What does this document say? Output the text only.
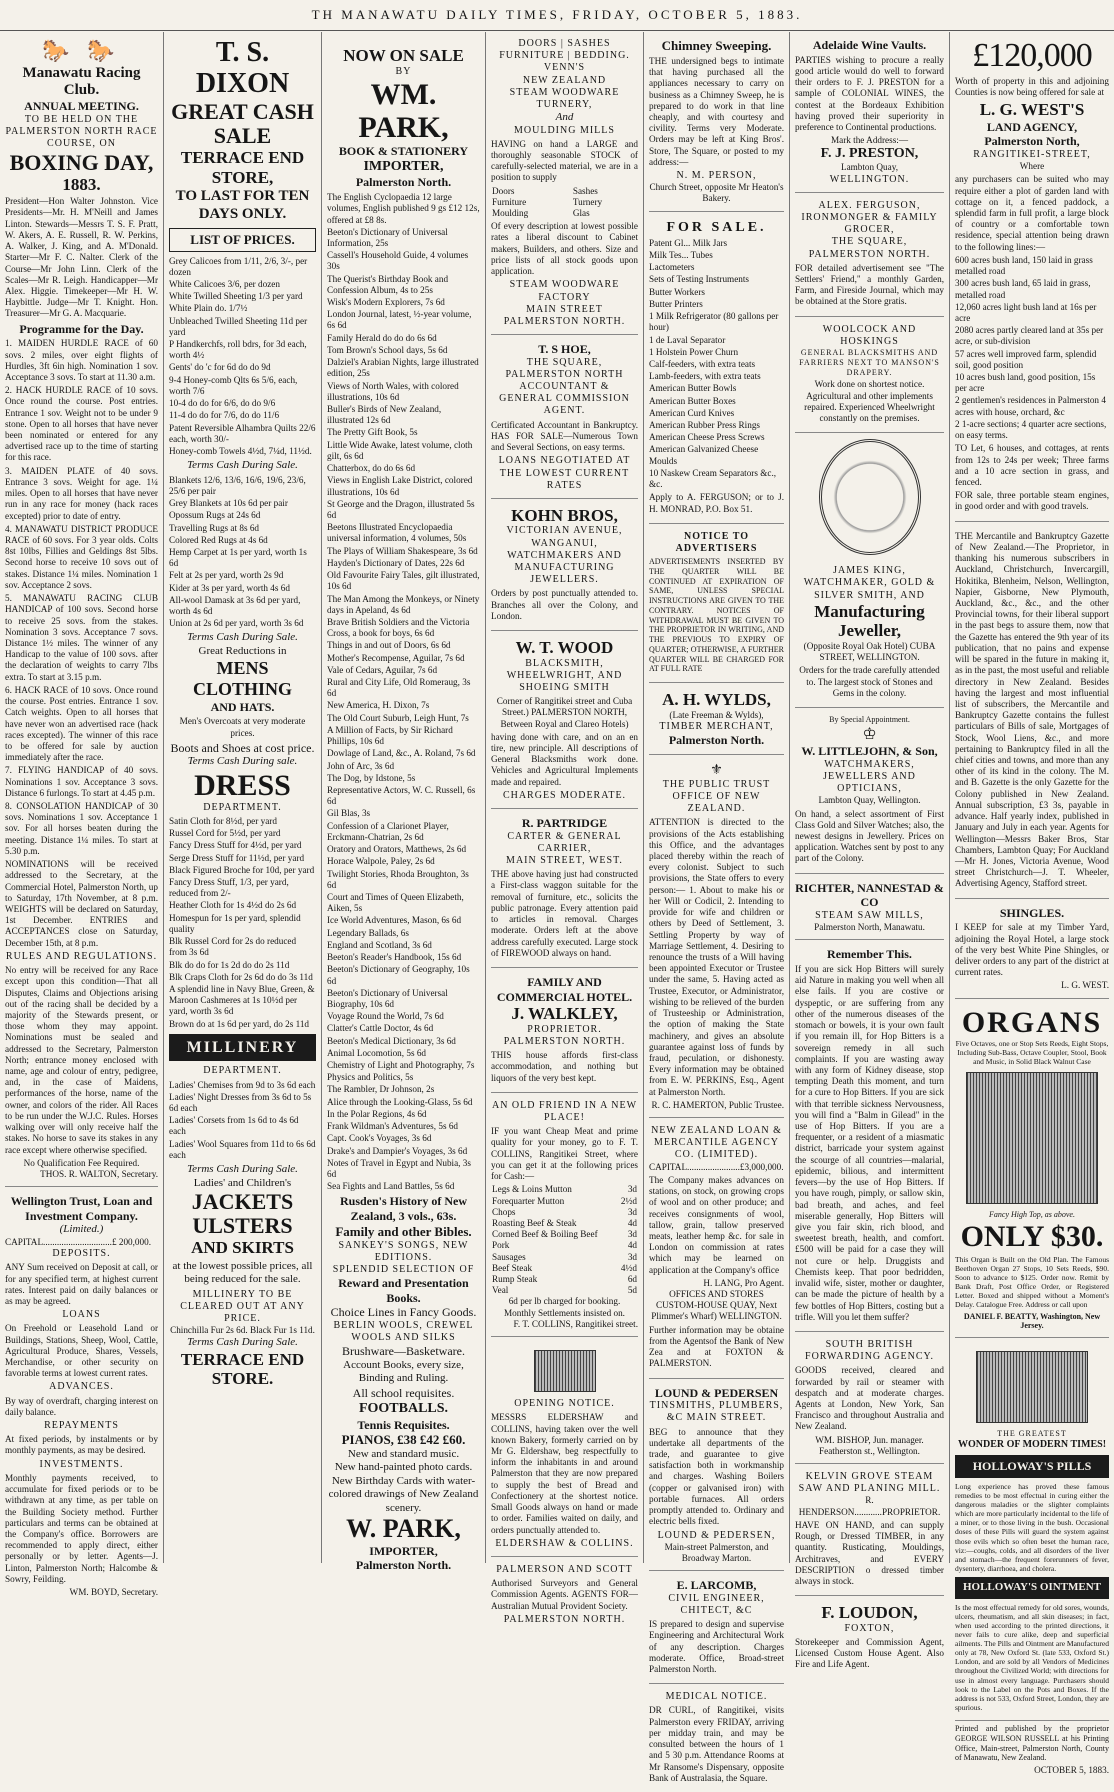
TH MANAWATU DAILY TIMES, FRIDAY, OCTOBER 5, 1883.
🐎 🐎
Manawatu Racing Club.
ANNUAL MEETING.
TO BE HELD ON THE PALMERSTON NORTH RACE COURSE, ON
BOXING DAY,
1883.

President—Hon Walter Johnston. Vice Presidents—Mr. H. M'Neill and James Linton. Stewards—Messrs T. S. F. Pratt, W. Akers, A. E. Russell, R. W. Perkins, A. Walker, J. King, and A. M'Donald. Starter—Mr F. C. Nalter. Clerk of the Course—Mr John Linn. Clerk of the Scales—Mr R. Leigh. Handicapper—Mr Alex. Higgie. Timekeeper—Mr H. W. Haybittle. Judge—Mr T. Knight. Hon. Treasurer—Mr G. A. Macquarie.

Programme for the Day.

1. MAIDEN HURDLE RACE of 60 sovs. 2 miles, over eight flights of Hurdles, 3ft 6in high. Nomination 1 sov. Acceptance 3 sovs. To start at 11.30 a.m.

2. HACK HURDLE RACE of 10 sovs. Once round the course. Post entries. Entrance 1 sov. Weight not to be under 9 stone. Open to all horses that have never been nominated or entered for any advertised race up to the time of starting for this race.

3. MAIDEN PLATE of 40 sovs. Entrance 3 sovs. Weight for age. 1¼ miles. Open to all horses that have never run in any race for money (hack races excepted) prior to date of entry.

4. MANAWATU DISTRICT PRODUCE RACE of 60 sovs. For 3 year olds. Colts 8st 10lbs, Fillies and Geldings 8st 5lbs. Second horse to receive 10 sovs out of stakes. Distance 1¼ miles. Nomination 1 sov. Acceptance 2 sovs.

5. MANAWATU RACING CLUB HANDICAP of 100 sovs. Second horse to receive 25 sovs. from the stakes. Nomination 3 sovs. Acceptance 7 sovs. Distance 1½ miles. The winner of any Handicap to the value of 100 sovs. after the declaration of weights to carry 7lbs extra. To start at 3.15 p.m.

6. HACK RACE of 10 sovs. Once round the course. Post entries. Entrance 1 sov. Catch weights. Open to all horses that have never won an advertised race (hack races excepted). The winner of this race to be offered for sale by auction immediately after the race.

7. FLYING HANDICAP of 40 sovs. Nominations 1 sov. Acceptance 3 sovs. Distance 6 furlongs. To start at 4.45 p.m.

8. CONSOLATION HANDICAP of 30 sovs. Nominations 1 sov. Acceptance 1 sov. For all horses beaten during the meeting. Distance 1¼ miles. To start at 5.30 p.m.

NOMINATIONS will be received addressed to the Secretary, at the Commercial Hotel, Palmerston North, up to Saturday, 17th November, at 8 p.m. WEIGHTS will be declared on Saturday, 1st December. ENTRIES and ACCEPTANCES close on Saturday, December 15th, at 8 p.m.

RULES AND REGULATIONS.

No entry will be received for any Race except upon this condition—That all Disputes, Claims and Objections arising out of the racing shall be decided by a majority of the Stewards present, or those whom they may appoint. Nominations must be sealed and addressed to the Secretary, Palmerston North; entrance money enclosed with name, age and colour of entry, pedigree, and, in the case of Maidens, performances of the horse, name of the owner, and colors of the rider. All Races to be run under the W.J.C. Rules. Horses walking over will only receive half the stakes. No horse to save its stakes in any race except where otherwise specified.

No Qualification Fee Required.
THOS. R. WALTON, Secretary.
Wellington Trust, Loan and Investment Company.
(Limited.)
CAPITAL..............................£ 200,000.
DEPOSITS.

ANY Sum received on Deposit at call, or for any specified term, at highest current rates. Interest paid on daily balances or as may be agreed.

LOANS

On Freehold or Leasehold Land or Buildings, Stations, Sheep, Wool, Cattle, Agricultural Produce, Shares, Vessels, Merchandise, or other security on favorable terms at lowest current rates.

ADVANCES.

By way of overdraft, charging interest on daily balance.

REPAYMENTS

At fixed periods, by instalments or by monthly payments, as may be desired.

INVESTMENTS.

Monthly payments received, to accumulate for fixed periods or to be withdrawn at any time, as per table on the Building Society method. Further particulars and terms can be obtained at the Company's office. Borrowers are recommended to apply direct, either personally or by letter. Agents—J. Linton, Palmerston North; Halcombe & Sowry, Feilding.

WM. BOYD, Secretary.
T. S. DIXON
GREAT CASH SALE
TERRACE END STORE,
TO LAST FOR TEN DAYS ONLY.
LIST OF PRICES.
Grey Calicoes from 1/11, 2/6, 3/-, per dozen
White Calicoes 3/6, per dozen
White Twilled Sheeting 1/3 per yard
White Plain do. 1/7½
Unbleached Twilled Sheeting 11d per yard
P Handkerchfs, roll bdrs, for 3d each, worth 4½
Gents' do 'c for 6d do do 9d
9-4 Honey-comb Qlts 6s 5/6, each, worth 7/6
10-4 do do for 6/6, do do 9/6
11-4 do do for 7/6, do do 11/6
Patent Reversible Alhambra Quilts 22/6 each, worth 30/-
Honey-comb Towels 4½d, 7¼d, 11½d.
Terms Cash During Sale.
Blankets 12/6, 13/6, 16/6, 19/6, 23/6, 25/6 per pair
Grey Blankets at 10s 6d per pair
Opossum Rugs at 24s 6d
Travelling Rugs at 8s 6d
Colored Red Rugs at 4s 6d
Hemp Carpet at 1s per yard, worth 1s 6d
Felt at 2s per yard, worth 2s 9d
Kider at 3s per yard, worth 4s 6d
All-wool Damask at 3s 6d per yard, worth 4s 6d
Union at 2s 6d per yard, worth 3s 6d
Terms Cash During Sale.
Great Reductions in
MENS CLOTHING
AND HATS.

Men's Overcoats at very moderate prices.

Boots and Shoes at cost price.
Terms Cash During sale.
DRESS
DEPARTMENT.
Satin Cloth for 8½d, per yard
Russel Cord for 5½d, per yard
Fancy Dress Stuff for 4½d, per yard
Serge Dress Stuff for 11½d, per yard
Black Figured Broche for 10d, per yard
Fancy Dress Stuff, 1/3, per yard, reduced from 2/-
Heather Cloth for 1s 4½d do 2s 6d
Homespun for 1s per yard, splendid quality
Blk Russel Cord for 2s do reduced from 3s 6d
Blk do do for 1s 2d do do 2s 11d
Blk Craps Cloth for 2s 6d do do 3s 11d
A splendid line in Navy Blue, Green, & Maroon Cashmeres at 1s 10½d per yard, worth 3s 6d
Brown do at 1s 6d per yard, do 2s 11d
MILLINERY
DEPARTMENT.
Ladies' Chemises from 9d to 3s 6d each
Ladies' Night Dresses from 3s 6d to 5s 6d each
Ladies' Corsets from 1s 6d to 4s 6d each
Ladies' Wool Squares from 11d to 6s 6d each
Terms Cash During Sale.
Ladies' and Children's
JACKETS
ULSTERS
AND SKIRTS

at the lowest possible prices, all being reduced for the sale.

MILLINERY TO BE CLEARED OUT AT ANY PRICE.
Chinchilla Fur 2s 6d. Black Fur 1s 11d.
Terms Cash During Sale.
TERRACE END STORE.
NOW ON SALE
BY
WM. PARK,
BOOK & STATIONERY
IMPORTER,
Palmerston North.
The English Cyclopaedia 12 large volumes, English published 9 gs £12 12s, offered at £8 8s.
Beeton's Dictionary of Universal Information, 25s
Cassell's Household Guide, 4 volumes 30s
The Querist's Birthday Book and Confession Album, 4s to 25s
Wisk's Modern Explorers, 7s 6d
London Journal, latest, ½-year volume, 6s 6d
Family Herald do do do 6s 6d
Tom Brown's School days, 5s 6d
Dalziel's Arabian Nights, large illustrated edition, 25s
Views of North Wales, with colored illustrations, 10s 6d
Buller's Birds of New Zealand, illustrated 12s 6d
The Pretty Gift Book, 5s
Little Wide Awake, latest volume, cloth gilt, 6s 6d
Chatterbox, do do 6s 6d
Views in English Lake District, colored illustrations, 10s 6d
St George and the Dragon, illustrated 5s 6d
Beetons Illustrated Encyclopaedia universal information, 4 volumes, 50s
The Plays of William Shakespeare, 3s 6d
Hayden's Dictionary of Dates, 22s 6d
Old Favourite Fairy Tales, gilt illustrated, 10s 6d
The Man Among the Monkeys, or Ninety days in Apeland, 4s 6d
Brave British Soldiers and the Victoria Cross, a book for boys, 6s 6d
Things in and out of Doors, 6s 6d
Mother's Recompense, Aguilar, 7s 6d
Vale of Cedars, Aguilar, 7s 6d
Rural and City Life, Old Romeraug, 3s 6d
New America, H. Dixon, 7s
The Old Court Suburb, Leigh Hunt, 7s
A Million of Facts, by Sir Richard Phillips, 10s 6d
Dowlage of Land, &c., A. Roland, 7s 6d
John of Arc, 3s 6d
The Dog, by Idstone, 5s
Representative Actors, W. C. Russell, 6s 6d
Gil Blas, 3s
Confession of a Clarionet Player, Erckmann-Chatrian, 2s 6d
Oratory and Orators, Matthews, 2s 6d
Horace Walpole, Paley, 2s 6d
Twilight Stories, Rhoda Broughton, 3s 6d
Court and Times of Queen Elizabeth, Aiken, 5s
Ice World Adventures, Mason, 6s 6d
Legendary Ballads, 6s
England and Scotland, 3s 6d
Beeton's Reader's Handbook, 15s 6d
Beeton's Dictionary of Geography, 10s 6d
Beeton's Dictionary of Universal Biography, 10s 6d
Voyage Round the World, 7s 6d
Clatter's Cattle Doctor, 4s 6d
Beeton's Medical Dictionary, 3s 6d
Animal Locomotion, 5s 6d
Chemistry of Light and Photography, 7s
Physics and Politics, 5s
The Rambler, Dr Johnson, 2s
Alice through the Looking-Glass, 5s 6d
In the Polar Regions, 4s 6d
Frank Wildman's Adventures, 5s 6d
Capt. Cook's Voyages, 3s 6d
Drake's and Dampier's Voyages, 3s 6d
Notes of Travel in Egypt and Nubia, 3s 6d
Sea Fights and Land Battles, 5s 6d
Rusden's History of New Zealand, 3 vols., 63s.
Family and other Bibles.
SANKEY'S SONGS, NEW EDITIONS.
SPLENDID SELECTION OF
Reward and Presentation Books.
Choice Lines in Fancy Goods.
BERLIN WOOLS, CREWEL WOOLS AND SILKS
Brushware—Basketware.
Account Books, every size, Binding and Ruling.
All school requisites.
FOOTBALLS.
Tennis Requisites.
PIANOS, £38 £42 £60.
New and standard music.
New hand-painted photo cards.
New Birthday Cards with water-colored drawings of New Zealand scenery.
W. PARK,
IMPORTER,
Palmerston North.
DOORS | SASHES
FURNITURE | BEDDING.
VENN'S
NEW ZEALAND
STEAM WOODWARE TURNERY,
And
MOULDING MILLS

HAVING on hand a LARGE and thoroughly seasonable STOCK of carefully-selected material, we are in a position to supply

Doors	Sashes
Furniture	Turnery
Moulding	Glas

Of every description at lowest possible rates a liberal discount to Cabinet makers, Builders, and others. Size and price lists of all stock goods upon application.

STEAM WOODWARE FACTORY
MAIN STREET
PALMERSTON NORTH.
T. S HOE,
THE SQUARE, PALMERSTON NORTH
ACCOUNTANT & GENERAL COMMISSION AGENT.

Certificated Accountant in Bankruptcy. HAS FOR SALE—Numerous Town and Several Sections, on easy terms.

LOANS NEGOTIATED AT THE LOWEST CURRENT RATES
KOHN BROS,
VICTORIAN AVENUE, WANGANUI,
WATCHMAKERS AND MANUFACTURING JEWELLERS.

Orders by post punctually attended to. Branches all over the Colony, and London.

W. T. WOOD
BLACKSMITH, WHEELWRIGHT, AND SHOEING SMITH

Corner of Rangitikei street and Cuba Street.) PALMERSTON NORTH, Between Royal and Clareo Hotels)

having done with care, and on an en tire, new principle. All descriptions of General Blacksmiths work done. Vehicles and Agricultural Implements made and repaired.

CHARGES MODERATE.
R. PARTRIDGE
CARTER & GENERAL CARRIER,
MAIN STREET, WEST.

THE above having just had constructed a First-class waggon suitable for the removal of furniture, etc., solicits the public patronage. Every attention paid to articles in removal. Charges moderate. Orders left at the above address carefully executed. Large stock of FIREWOOD always on hand.

FAMILY AND COMMERCIAL HOTEL.
J. WALKLEY,
PROPRIETOR.
PALMERSTON NORTH.

THIS house affords first-class accommodation, and nothing but liquors of the very best kept.

AN OLD FRIEND IN A NEW PLACE!

IF you want Cheap Meat and prime quality for your money, go to F. T. COLLINS, Rangitikei Street, where you can get it at the following prices for Cash:—

Legs & Loins Mutton	3d
Forequarter Mutton	2½d
Chops	3d
Roasting Beef & Steak	4d
Corned Beef & Boiling Beef	3d
Pork	4d
Sausages	3d
Beef Steak	4½d
Rump Steak	6d
Veal	5d
6d per lb charged for booking.
Monthly Settlements insisted on.
F. T. COLLINS, Rangitikei street.
OPENING NOTICE.

MESSRS ELDERSHAW and COLLINS, having taken over the well known Bakery, formerly carried on by Mr G. Eldershaw, beg respectfully to inform the inhabitants in and around Palmerston that they are now prepared to supply the best of Bread and Confectionery at the shortest notice. Small Goods always on hand or made to order. Families waited on daily, and orders punctually attended to.

ELDERSHAW & COLLINS.
PALMERSON AND SCOTT

Authorised Surveyors and General Commission Agents. AGENTS FOR—Australian Mutual Provident Society.

PALMERSTON NORTH.
Chimney Sweeping.

THE undersigned begs to intimate that having purchased all the appliances necessary to carry on business as a Chimney Sweep, he is prepared to do work in that line cheaply, and with courtesy and civility. Terms very Moderate. Orders may be left at King Bros'. Store, The Square, or posted to my address:—

N. M. PERSON,
Church Street, opposite Mr Heaton's Bakery.
FOR SALE.
Patent Gl... Milk Jars
Milk Tes... Tubes
Lactometers
Sets of Testing Instruments
Butter Workers
Butter Printers
1 Milk Refrigerator (80 gallons per hour)
1 de Laval Separator
1 Holstein Power Churn
Calf-feeders, with extra teats
Lamb-feeders, with extra teats
American Butter Bowls
American Butter Boxes
American Curd Knives
American Rubber Press Rings
American Cheese Press Screws
American Galvanized Cheese Moulds
10 Naskew Cream Separators &c., &c.

Apply to A. FERGUSON; or to J. H. MONRAD, P.O. Box 51.

NOTICE TO ADVERTISERS

ADVERTISEMENTS INSERTED BY THE QUARTER WILL BE CONTINUED AT EXPIRATION OF SAME, UNLESS SPECIAL INSTRUCTIONS ARE GIVEN TO THE CONTRARY. NOTICES OF WITHDRAWAL MUST BE GIVEN TO THE PROPRIETOR IN WRITING, AND THE PREVIOUS TO EXPIRY OF QUARTER; OTHERWISE, A FURTHER QUARTER WILL BE CHARGED FOR AT FULL RATE

A. H. WYLDS,
(Late Freeman & Wylds),
TIMBER MERCHANT,
Palmerston North.
⚜
THE PUBLIC TRUST OFFICE OF NEW ZEALAND.

ATTENTION is directed to the provisions of the Acts establishing this Office, and the advantages placed thereby within the reach of every colonist. Subject to such provisions, the State offers to every person:— 1. About to make his or her Will or Codicil, 2. Intending to provide for wife and children or others by Deed of Settlement, 3. Settling Property by way of Marriage Settlement, 4. Desiring to renounce the trusts of a Will having been appointed Executor or Trustee under the same, 5. Having acted as Trustee, Executor, or Administrator, wishing to be relieved of the burden of Trusteeship or Administration, the option of making the State machinery, and gives an absolute guarantee against loss of funds by fraud, peculation, or dishonesty. Every information may be obtained from E. W. PERKINS, Esq., Agent at Palmerston North.

R. C. HAMERTON, Public Trustee.
NEW ZEALAND LOAN & MERCANTILE AGENCY CO. (LIMITED).
CAPITAL.......................£3,000,000.

The Company makes advances on stations, on stock, on growing crops of wool and on other produce; and receives consignments of wool, tallow, grain, tallow preserved meats, leather hemp &c. for sale in London on commission at rates which may be learned on application at the Company's office

H. LANG, Pro Agent.
OFFICES AND STORES CUSTOM-HOUSE QUAY, Next Plimmer's Wharf) WELLINGTON.

Further information may be obtaine from the Agentsof the Bank of New Zea and at FOXTON & PALMERSTON.

LOUND & PEDERSEN
TINSMITHS, PLUMBERS, &C MAIN STREET.

BEG to announce that they undertake all departments of the trade, and guarantee to give satisfaction both in workmanship and charges. Washing Boilers (copper or galvanised iron) with portable furnaces. All orders promptly attended to. Ordinary and electric bells fixed.

LOUND & PEDERSEN,
Main-street Palmerston, and Broadway Marton.
E. LARCOMB,
CIVIL ENGINEER, CHITECT, &C

IS prepared to design and supervise Engineering and Architectural Work of any description. Charges moderate. Office, Broad-street Palmerston North.

MEDICAL NOTICE.

DR CURL, of Rangitikei, visits Palmerston every FRIDAY, arriving per midday train, and may be consulted between the hours of 1 and 5 30 p.m. Attendance Rooms at Mr Ransome's Dispensary, opposite Bank of Australasia, the Square.

Adelaide Wine Vaults.

PARTIES wishing to procure a really good article would do well to forward their orders to F. J. PRESTON for a sample of COLONIAL WINES, the contest at the Bordeaux Exhibition having proved their superiority in preference to Continental productions.

Mark the Address:—
F. J. PRESTON,
Lambton Quay,
WELLINGTON.
ALEX. FERGUSON,
IRONMONGER & FAMILY GROCER,
THE SQUARE, PALMERSTON NORTH.

FOR detailed advertisement see "The Settlers' Friend," a monthly Garden, Farm, and Fireside Journal, which may be obtained at the Store gratis.

WOOLCOCK AND HOSKINGS
GENERAL BLACKSMITHS AND FARRIERS NEXT TO MANSON'S DRAPERY.

Work done on shortest notice. Agricultural and other implements repaired. Experienced Wheelwright constantly on the premises.

JAMES KING, WATCHMAKER, GOLD & SILVER SMITH, AND
Manufacturing Jeweller,
(Opposite Royal Oak Hotel) CUBA STREET, WELLINGTON.

Orders for the trade carefully attended to. The largest stock of Stones and Gems in the colony.

By Special Appointment.
♔
W. LITTLEJOHN, & Son,
WATCHMAKERS, JEWELLERS AND OPTICIANS,
Lambton Quay, Wellington.

On hand, a select assortment of First Class Gold and Silver Watches; also, the newest designs in Jewellery. Prices on application. Watches sent by post to any part of the Colony.

RICHTER, NANNESTAD & CO
STEAM SAW MILLS,
Palmerston North, Manawatu.
Remember This.

If you are sick Hop Bitters will surely aid Nature in making you well when all else fails. If you are costive or dyspeptic, or are suffering from any other of the numerous diseases of the stomach or bowels, it is your own fault if you remain ill, for Hop Bitters is a sovereign remedy in all such complaints. If you are wasting away with any form of Kidney disease, stop tempting Death this moment, and turn for a cure to Hop Bitters. If you are sick with that terrible sickness Nervousness, you will find a "Balm in Gilead" in the use of Hop Bitters. If you are a frequenter, or a resident of a miasmatic district, barricade your system against the scourge of all countries—malarial, epidemic, bilious, and intermittent fevers—by the use of Hop Bitters. If you have rough, pimply, or sallow skin, bad breath, and aches, and feel miserable generally, Hop Bitters will give you fair skin, rich blood, and sweetest breath, health, and comfort. £500 will be paid for a case they will not cure or help. Druggists and Chemists keep. That poor bedridden, invalid wife, sister, mother or daughter, can be made the picture of health by a few bottles of Hop Bitters, costing but a trifle. Will you let them suffer?

SOUTH BRITISH FORWARDING AGENCY.

GOODS received, cleared and forwarded by rail or steamer with despatch and at moderate charges. Agents at London, New York, San Francisco and throughout Australia and New Zealand.

WM. BISHOP, Jun. manager. Featherston st., Wellington.
KELVIN GROVE STEAM SAW AND PLANING MILL.
R. HENDERSON............PROPRIETOR.

HAVE ON HAND, and can supply Rough, or Dressed TIMBER, in any quantity. Rusticating, Mouldings, Architraves, and EVERY DESCRIPTION o dressed timber always in stock.

F. LOUDON,
FOXTON,

Storekeeper and Commission Agent, Licensed Custom House Agent. Also Fire and Life Agent.

£120,000

Worth of property in this and adjoining Counties is now being offered for sale at

L. G. WEST'S
LAND AGENCY,
Palmerston North,
RANGITIKEI-STREET,
Where

any purchasers can be suited who may require either a plot of garden land with cottage on it, a fenced paddock, a splendid farm in full profit, a large block of country or a comfortable town residence, special attention being drawn to the following lines:—

600 acres bush land, 150 laid in grass metalled road
300 acres bush land, 65 laid in grass, metalled road
12,060 acres light bush land at 16s per acre
2080 acres partly cleared land at 35s per acre, or sub-division
57 acres well improved farm, splendid soil, good position
10 acres bush land, good position, 15s per acre
2 gentlemen's residences in Palmerston 4 acres with house, orchard, &c
2 1-acre sections; 4 quarter acre sections, on easy terms.

TO Let, 6 houses, and cottages, at rents from 12s to 24s per week; Three farms and a 10 acre section in grass, and fenced.

FOR sale, three portable steam engines, in good order and with good travels.

THE Mercantile and Bankruptcy Gazette of New Zealand.—The Proprietor, in thanking his numerous subscribers in Auckland, Christchurch, Invercargill, Hokitika, Blenheim, Nelson, Wellington, Napier, Gisborne, New Plymouth, Auckland, &c., &c., and the other Provincial towns, for their liberal support in the past begs to assure them, now that the Gazette has entered the 9th year of its publication, that no pains and expense will be spared in the future in making it, as in the past, the most useful and reliable directory in New Zealand. Besides having the largest and most influential list of subscribers, the Mercantile and Bankruptcy Gazette contains the fullest particulars of Bills of sale, Mortgages of Stock, Wool Liens, &c., and more pertaining to Bankruptcy filed in all the chief cities and towns, and more than any other of its kind in the colony. The M. and B. Gazette is the only Gazette for the Colony published in New Zealand. Annual subscription, £3 3s, payable in advance. Half yearly index, published in January and July in each year. Agents for Wellington—Messrs Baker Bros, Star Chambers, Lambton Quay; For Auckland—Mr H. Jones, Victoria Avenue, Wood street Christchurch—J. T. Wheeler, Advertising Agency, Stafford street.

SHINGLES.

I KEEP for sale at my Timber Yard, adjoining the Royal Hotel, a large stock of the very best White Pine Shingles, or deliver orders to any part of the district at current rates.

L. G. WEST.
ORGANS
Five Octaves, one or Stop Sets Reeds, Eight Stops, Including Sub-Bass, Octave Coupler, Stool, Book and Music, in Solid Black Walnut Case
Fancy High Top, as above.
ONLY $30.

This Organ is Built on the Old Plan. The Famous Beethoven Organ 27 Stops, 10 Sets Reeds, $90. Soon to advance to $125. Order now. Remit by Bank Draft, Post Office Order, or Registered Letter. Boxed and shipped without a Moment's Delay. Catalogue Free. Address or call upon

DANIEL F. BEATTY, Washington, New Jersey.
THE GREATEST
WONDER OF MODERN TIMES!
HOLLOWAY'S PILLS

Long experience has proved these famous remedies to be most effectual in curing either the dangerous maladies or the slighter complaints which are more particularly incidental to the life of a miner, or to those living in the bush. Occasional doses of these Pills will guard the system against those evils which so often beset the human race, viz:—coughs, colds, and all disorders of the liver and stomach—the frequent forerunners of fever, dysentery, diarrhoea, and cholera.

HOLLOWAY'S OINTMENT

Is the most effectual remedy for old sores, wounds, ulcers, rheumatism, and all skin diseases; in fact, when used according to the printed directions, it never fails to cure alike, deep and superficial ailments. The Pills and Ointment are Manufactured only at 78, New Oxford St. (late 533, Oxford St.) London, and are sold by all Vendors of Medicines throughout the Civilized World; with directions for use in almost every language. Purchasers should look to the Label on the Pots and Boxes. If the address is not 533, Oxford Street, London, they are spurious.

Printed and published by the proprietor GEORGE WILSON RUSSELL at his Printing Office, Main-street, Palmerston North, County of Manawatu, New Zealand.

OCTOBER 5, 1883.
